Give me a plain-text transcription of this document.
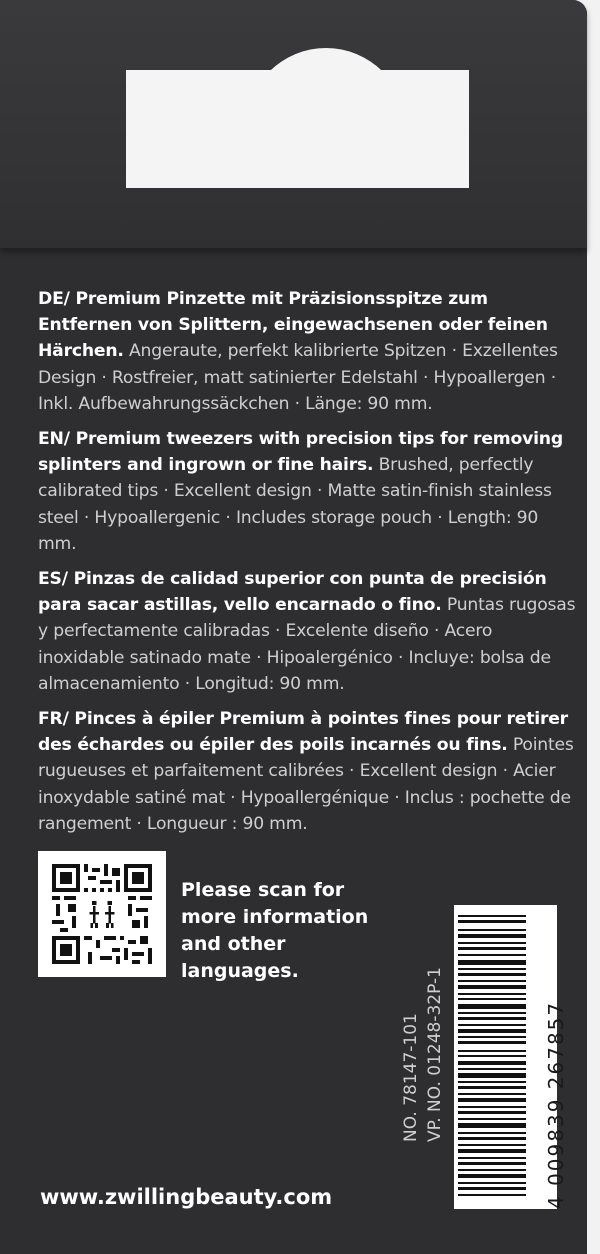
DE/ Premium Pinzette mit Präzisionsspitze zum Entfernen von Splittern, eingewachsenen oder feinen Härchen. Angeraute, perfekt kalibrierte Spitzen · Exzellentes Design · Rostfreier, matt satinierter Edelstahl · Hypoallergen · Inkl. Aufbewahrungssäckchen · Länge: 90 mm.
EN/ Premium tweezers with precision tips for removing splinters and ingrown or fine hairs. Brushed, perfectly calibrated tips · Excellent design · Matte satin-finish stainless steel · Hypoallergenic · Includes storage pouch · Length: 90 mm.
ES/ Pinzas de calidad superior con punta de precisión para sacar astillas, vello encarnado o fino. Puntas rugosas y perfectamente calibradas · Excelente diseño · Acero inoxidable satinado mate · Hipoalergénico · Incluye: bolsa de almacenamiento · Longitud: 90 mm.
FR/ Pinces à épiler Premium à pointes fines pour retirer des échardes ou épiler des poils incarnés ou fins. Pointes rugueuses et parfaitement calibrées · Excellent design · Acier inoxydable satiné mat · Hypoallergénique · Inclus : pochette de rangement · Longueur : 90 mm.
Please scan for more information and other languages.
NO. 78147-101 VP. NO. 01248-32P-1	4 009839 267857
www.zwillingbeauty.com
